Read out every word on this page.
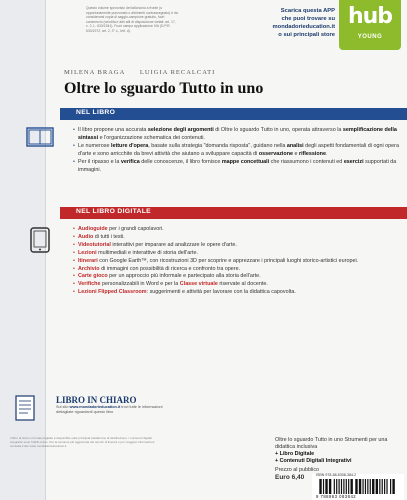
Questo volume sprovvisto del talloncino a fronte (o opportunamente punzonato o altrimenti contrassegnato) è da considerarsi copia di saggio-campione gratuito, fuori commercio (vendita e altri atti di disposizione vietati: art. 17, c. 2, L. 633/1941). Fuori campo applicazione IVA (D.P.R. 633/1972, art. 2, 3° c., lett. d).
Scarica questa APP
che puoi trovare su
mondadorieducation.it
o sui principali store
hub
YOUNG
MILENA BRAGA LUIGIA RECALCATI
Oltre lo sguardo Tutto in uno
NEL LIBRO
• Il libro propone una accurata selezione degli argomenti di Oltre lo sguardo Tutto in uno, operata attraverso la semplificazione della sintassi e l'organizzazione schematica dei contenuti.
• Le numerose letture d'opera, basate sulla strategia "domanda risposta", guidano nella analisi degli aspetti fondamentali di ogni opera d'arte e sono arricchite da brevi attività che aiutano a sviluppare capacità di osservazione e riflessione.
• Per il ripasso e la verifica delle conoscenze, il libro fornisce mappe concettuali che riassumono i contenuti ed esercizi supportati da immagini.
NEL LIBRO DIGITALE
• Audioguide per i grandi capolavori.
• Audio di tutti i testi.
• Videotutorial interattivi per imparare ad analizzare le opere d'arte.
• Lezioni multimediali e interattive di storia dell'arte.
• Itinerari con Google Earth™, con ricostruzioni 3D per scoprire e apprezzare i principali luoghi storico-artistici europei.
• Archivio di immagini con possibilità di ricerca e confronto tra opere.
• Carte gioco per un approccio più informale e partecipato alla storia dell'arte.
• Verifiche personalizzabili in Word e per la Classe virtuale riservate al docente.
• Lezioni Flipped Classroom: suggerimenti e attività per lavorare con la didattica capovolta.
LIBRO IN CHIARO
Sul sito www.mondadorieducation.it trovi tutte le informazioni dettagliate riguardanti questo libro
Il libro di testo in formato digitale è disponibile sulle principali piattaforme di distribuzione. I contenuti digitali integrativi sono fruibili online. Per la versione più aggiornata dei termini di licenza e per maggiori informazioni consulta il sito www.mondadorieducation.it
Oltre lo sguardo Tutto in uno Strumenti per una didattica inclusiva
+ Libro Digitale
+ Contenuti Digitali Integrativi
Prezzo al pubblico
Euro 6,40	ISBN 978-88-6308-384-2
9 788863 083842
